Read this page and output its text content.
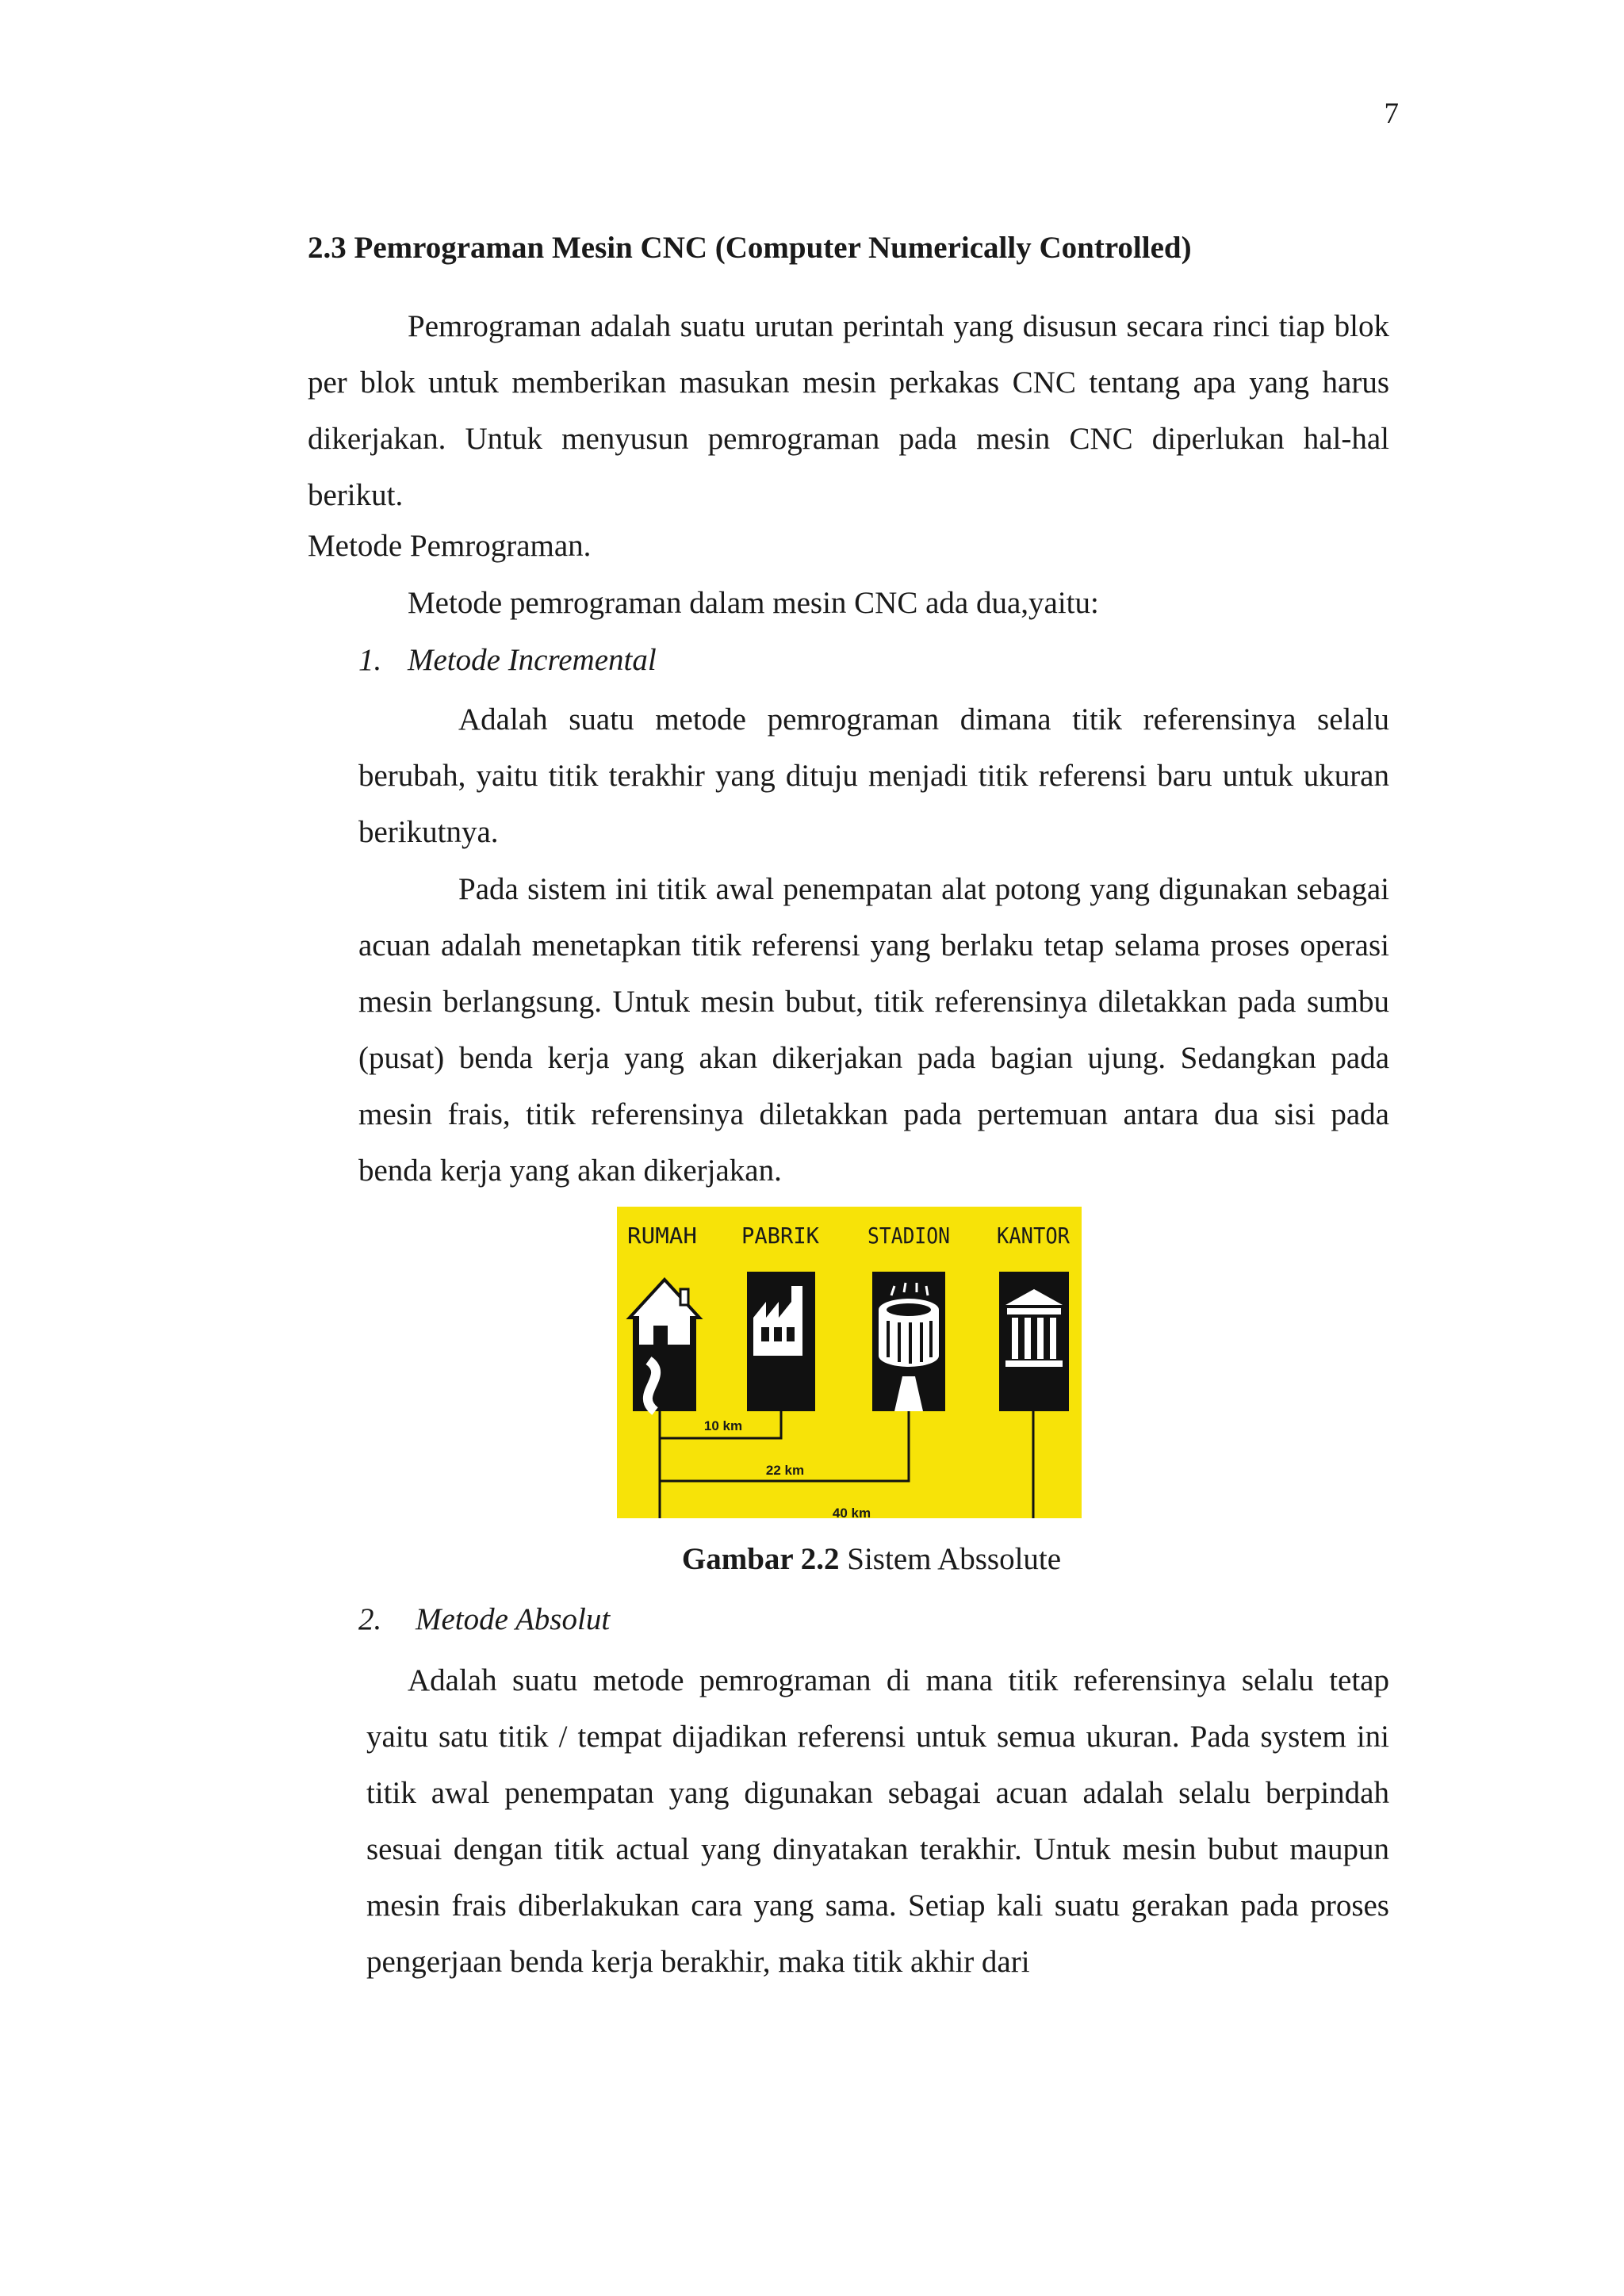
7
2.3 Pemrograman Mesin CNC (Computer Numerically Controlled)

Pemrograman adalah suatu urutan perintah yang disusun secara rinci tiap blok per blok untuk memberikan masukan mesin perkakas CNC tentang apa yang harus dikerjakan. Untuk menyusun pemrograman pada mesin CNC diperlukan hal-hal berikut.

Metode Pemrograman.

Metode pemrograman dalam mesin CNC ada dua,yaitu:

1. Metode Incremental

Adalah suatu metode pemrograman dimana titik referensinya selalu berubah, yaitu titik terakhir yang dituju menjadi titik referensi baru untuk ukuran berikutnya.

Pada sistem ini titik awal penempatan alat potong yang digunakan sebagai acuan adalah menetapkan titik referensi yang berlaku tetap selama proses operasi mesin berlangsung. Untuk mesin bubut, titik referensinya diletakkan pada sumbu (pusat) benda kerja yang akan dikerjakan pada bagian ujung. Sedangkan pada mesin frais, titik referensinya diletakkan pada pertemuan antara dua sisi pada benda kerja yang akan dikerjakan.

RUMAH PABRIK STADION KANTOR
10 km
22 km
40 km
Gambar 2.2 Sistem Abssolute

2. Metode Absolut

Adalah suatu metode pemrograman di mana titik referensinya selalu tetap yaitu satu titik / tempat dijadikan referensi untuk semua ukuran. Pada system ini titik awal penempatan yang digunakan sebagai acuan adalah selalu berpindah sesuai dengan titik actual yang dinyatakan terakhir. Untuk mesin bubut maupun mesin frais diberlakukan cara yang sama. Setiap kali suatu gerakan pada proses pengerjaan benda kerja berakhir, maka titik akhir dari
